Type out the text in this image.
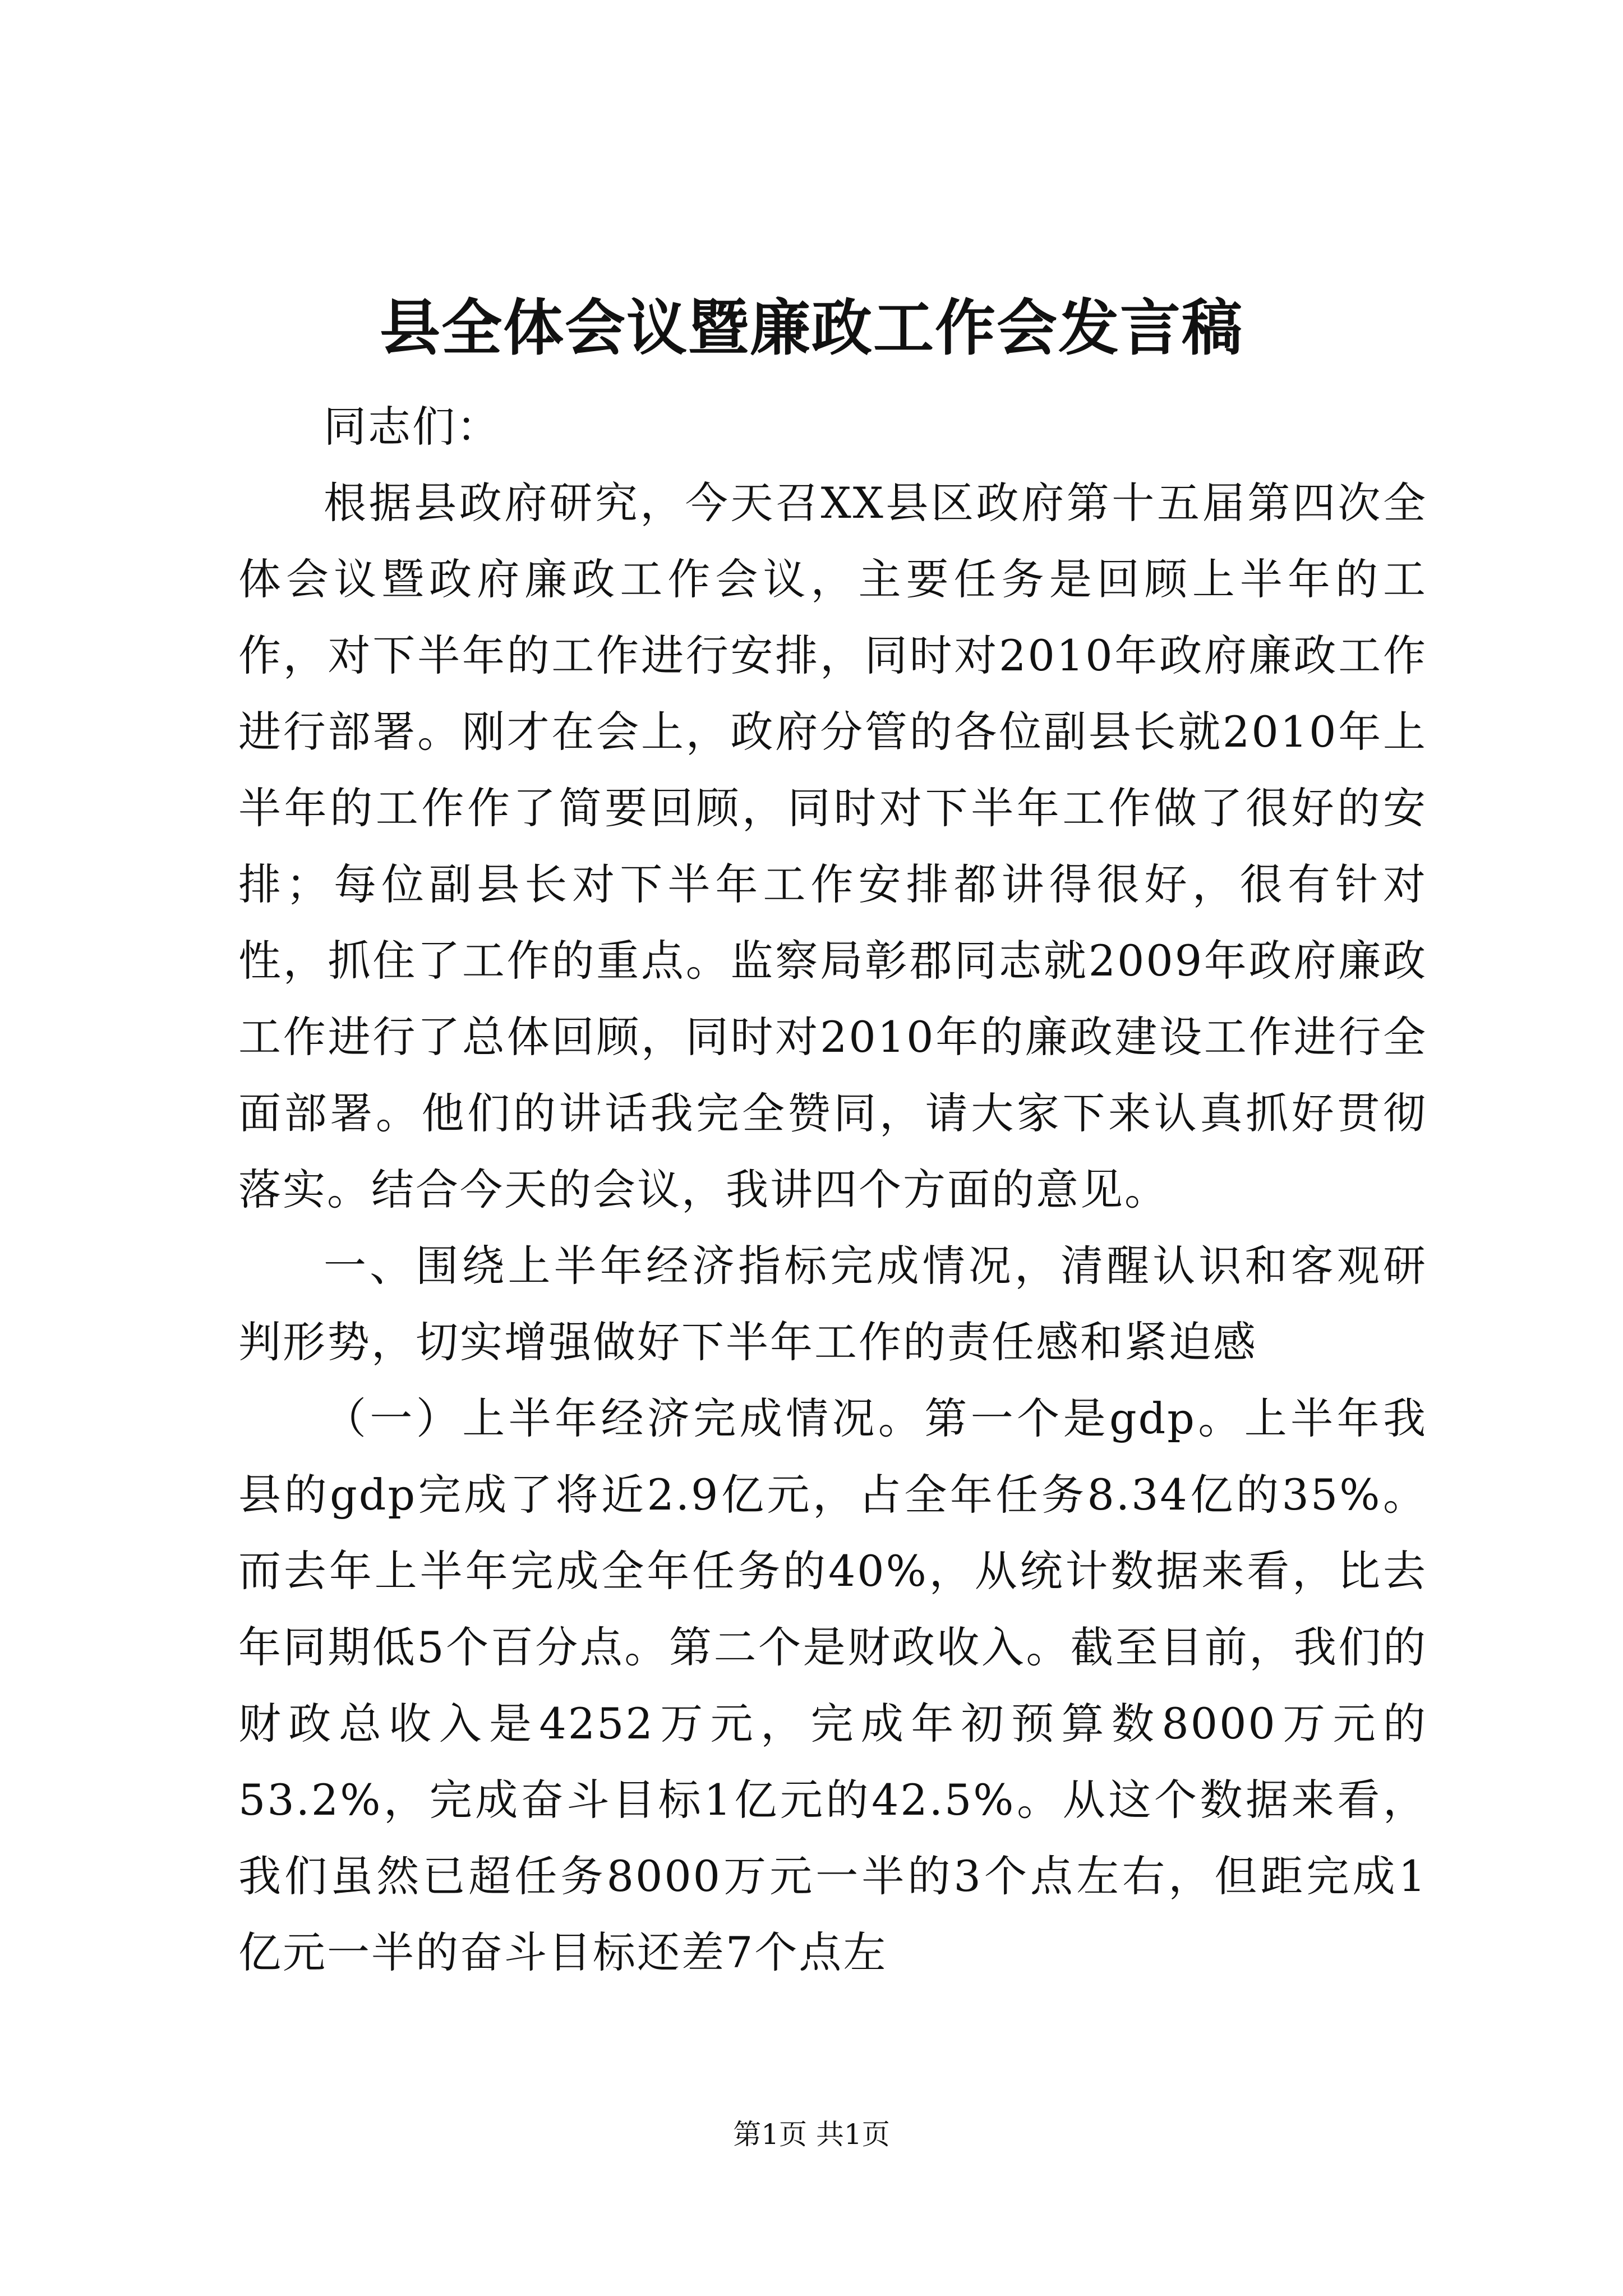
县全体会议暨廉政工作会发言稿

同志们：

根据县政府研究，今天召XX县区政府第十五届第四次全体会议暨政府廉政工作会议，主要任务是回顾上半年的工作，对下半年的工作进行安排，同时对2010年政府廉政工作进行部署。刚才在会上，政府分管的各位副县长就2010年上半年的工作作了简要回顾，同时对下半年工作做了很好的安排；每位副县长对下半年工作安排都讲得很好，很有针对性，抓住了工作的重点。监察局彰郡同志就2009年政府廉政工作进行了总体回顾，同时对2010年的廉政建设工作进行全面部署。他们的讲话我完全赞同，请大家下来认真抓好贯彻落实。结合今天的会议，我讲四个方面的意见。

一、围绕上半年经济指标完成情况，清醒认识和客观研判形势，切实增强做好下半年工作的责任感和紧迫感

（一）上半年经济完成情况。第一个是gdp。上半年我县的gdp完成了将近2.9亿元，占全年任务8.34亿的35%。而去年上半年完成全年任务的40%，从统计数据来看，比去年同期低5个百分点。第二个是财政收入。截至目前，我们的财政总收入是4252万元，完成年初预算数8000万元的53.2%，完成奋斗目标1亿元的42.5%。从这个数据来看，我们虽然已超任务8000万元一半的3个点左右，但距完成1亿元一半的奋斗目标还差7个点左

第1页 共1页
